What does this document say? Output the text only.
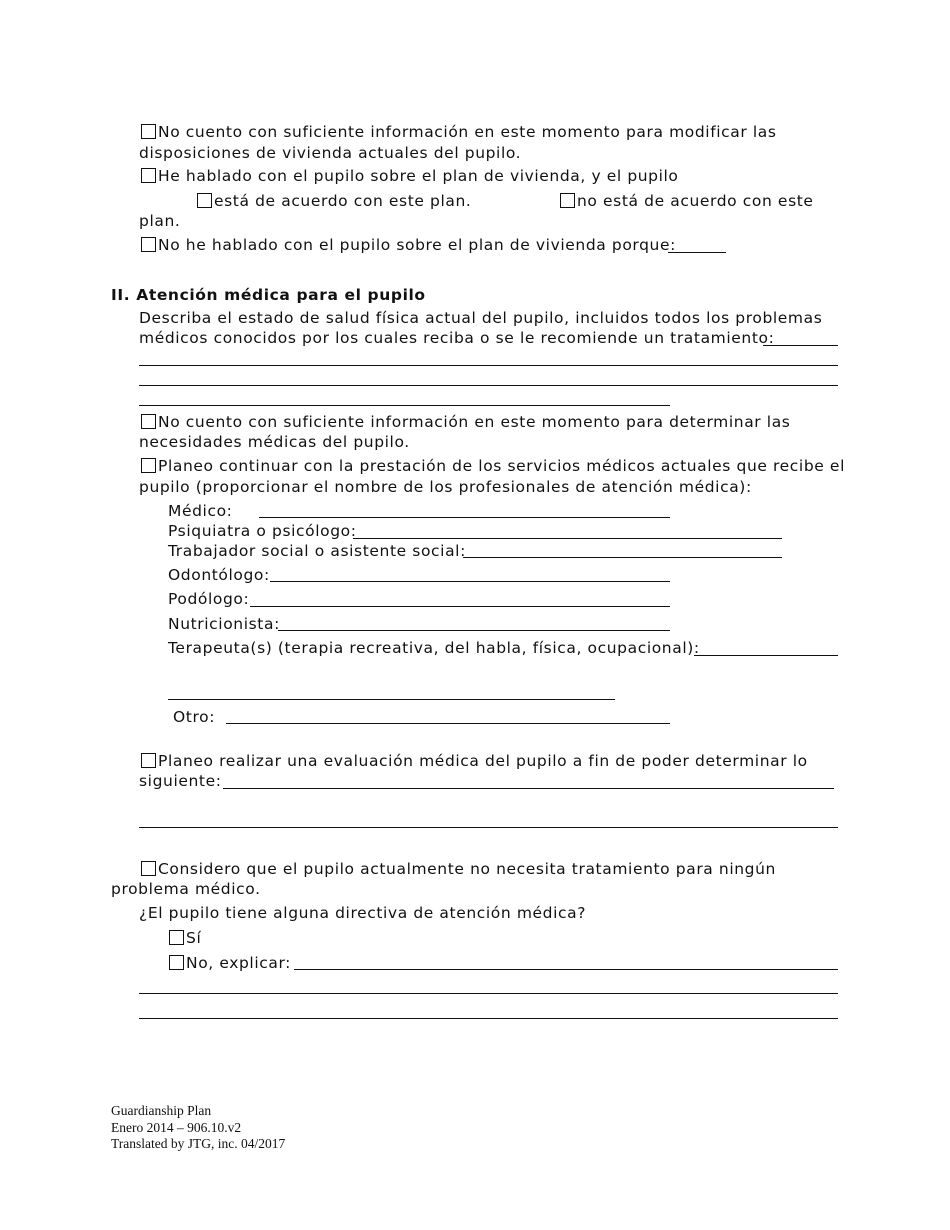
No cuento con suficiente información en este momento para modificar las
disposiciones de vivienda actuales del pupilo.
He hablado con el pupilo sobre el plan de vivienda, y el pupilo
está de acuerdo con este plan.	no está de acuerdo con este
plan.
No he hablado con el pupilo sobre el plan de vivienda porque:
II. Atención médica para el pupilo
Describa el estado de salud física actual del pupilo, incluidos todos los problemas
médicos conocidos por los cuales reciba o se le recomiende un tratamiento:
No cuento con suficiente información en este momento para determinar las
necesidades médicas del pupilo.
Planeo continuar con la prestación de los servicios médicos actuales que recibe el
pupilo (proporcionar el nombre de los profesionales de atención médica):
Médico:
Psiquiatra o psicólogo:
Trabajador social o asistente social:
Odontólogo:
Podólogo:
Nutricionista:
Terapeuta(s) (terapia recreativa, del habla, física, ocupacional):
Otro:
Planeo realizar una evaluación médica del pupilo a fin de poder determinar lo
siguiente:
Considero que el pupilo actualmente no necesita tratamiento para ningún
problema médico.
¿El pupilo tiene alguna directiva de atención médica?
Sí
No, explicar:
Guardianship Plan
Enero 2014 – 906.10.v2
Translated by JTG, inc. 04/2017
